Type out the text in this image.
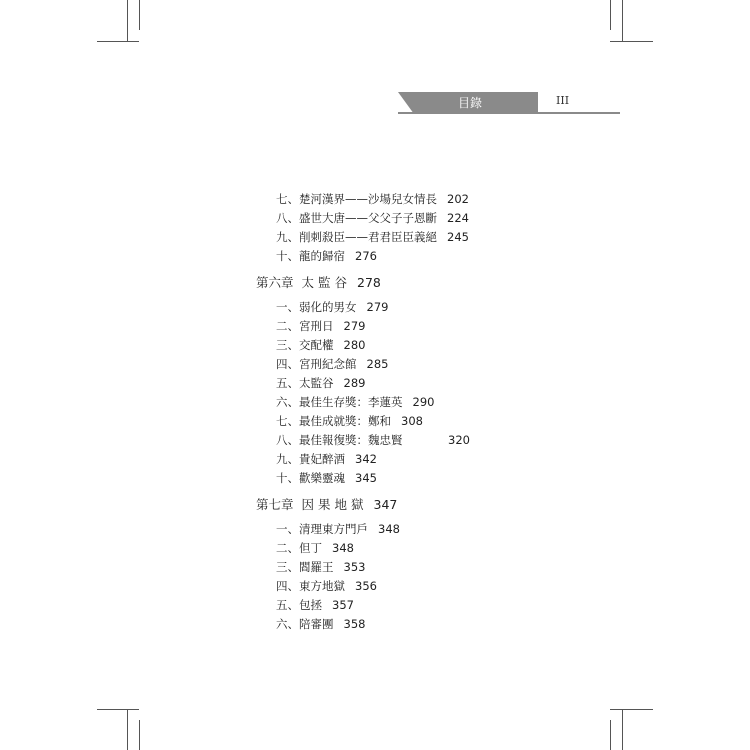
目錄	III
七、楚河漢界——沙場兒女情長 202
八、盛世大唐——父父子子恩斷 224
九、削刺殺臣——君君臣臣義絕 245
十、龍的歸宿 276
第六章 太監谷 278
一、弱化的男女 279
二、宮刑日 279
三、交配權 280
四、宮刑紀念館 285
五、太監谷 289
六、最佳生存獎：李蓮英 290
七、最佳成就獎：鄭和 308
八、最佳報復獎：魏忠賢	320
九、貴妃醉酒 342
十、歡樂靈魂 345
第七章 因果地獄 347
一、清理東方門戶 348
二、但丁 348
三、閻羅王 353
四、東方地獄 356
五、包拯 357
六、陪審團 358
